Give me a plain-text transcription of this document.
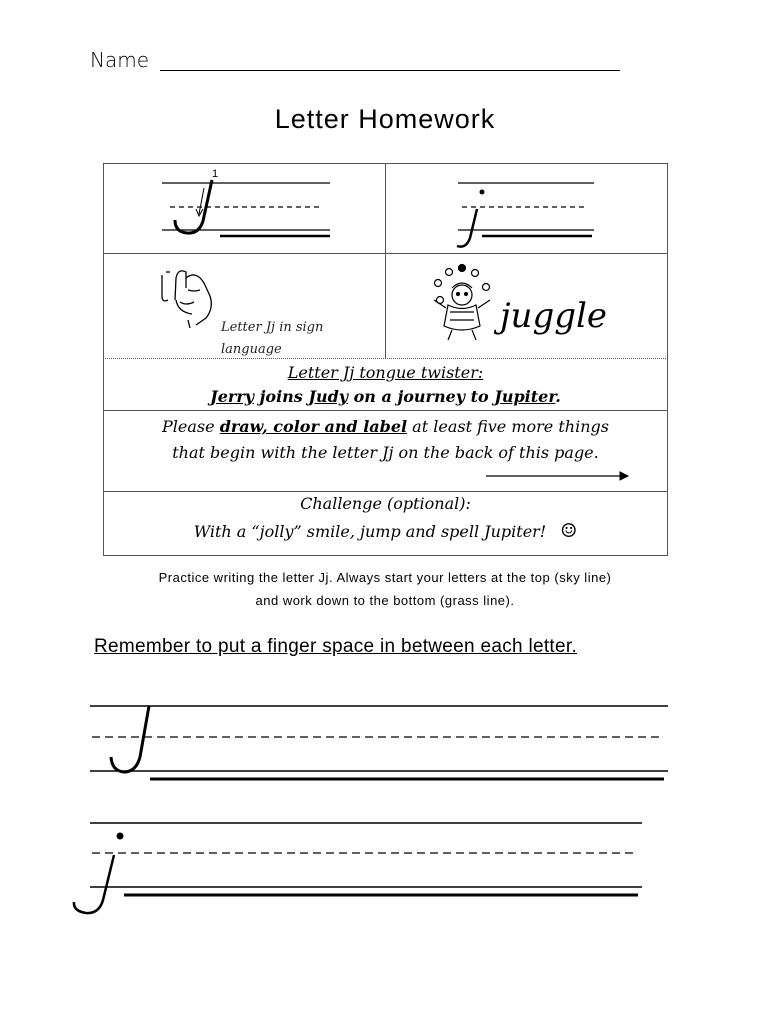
Name
Letter Homework
1
Letter Jj in sign language
juggle
Letter Jj tongue twister:
Jerry joins Judy on a journey to Jupiter.
Please draw, color and label at least five more things
that begin with the letter Jj on the back of this page.
Challenge (optional):
With a “jolly” smile, jump and spell Jupiter! ☺
Practice writing the letter Jj. Always start your letters at the top (sky line)
and work down to the bottom (grass line).
Remember to put a finger space in between each letter.
